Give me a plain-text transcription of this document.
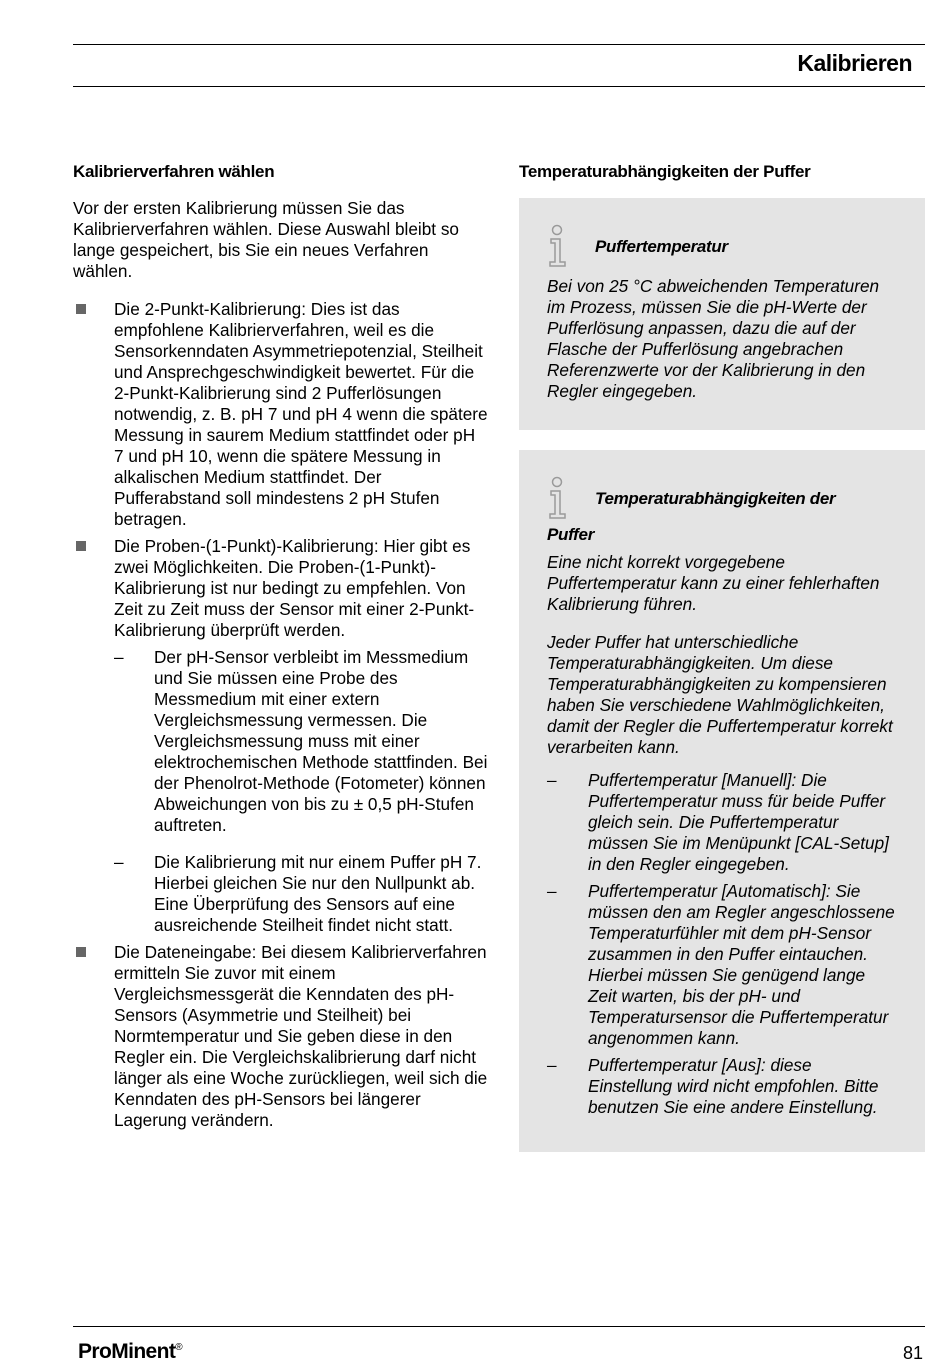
Kalibrieren
Kalibrierverfahren wählen
Vor der ersten Kalibrierung müssen Sie das Kalibrierverfahren wählen. Diese Auswahl bleibt so lange gespeichert, bis Sie ein neues Verfahren wählen.
Die 2-Punkt-Kalibrierung: Dies ist das empfohlene Kalibrierverfahren, weil es die Sensorkenndaten Asymmetriepotenzial, Steilheit und Ansprechgeschwindigkeit bewertet. Für die 2-Punkt-Kalibrierung sind 2 Pufferlösungen notwendig, z. B. pH 7 und pH 4 wenn die spätere Messung in saurem Medium stattfindet oder pH 7 und pH 10, wenn die spätere Messung in alkalischen Medium stattfindet. Der Pufferabstand soll mindestens 2 pH Stufen betragen.
Die Proben-(1-Punkt)-Kalibrierung: Hier gibt es zwei Möglichkeiten. Die Proben-(1-Punkt)-Kalibrierung ist nur bedingt zu empfehlen. Von Zeit zu Zeit muss der Sensor mit einer 2-Punkt-Kalibrierung überprüft werden.
– Der pH-Sensor verbleibt im Messmedium und Sie müssen eine Probe des Messmedium mit einer extern Vergleichsmessung vermessen. Die Vergleichsmessung muss mit einer elektrochemischen Methode stattfinden. Bei der Phenolrot-Methode (Fotometer) können Abweichungen von bis zu ± 0,5 pH-Stufen auftreten.
– Die Kalibrierung mit nur einem Puffer pH 7. Hierbei gleichen Sie nur den Nullpunkt ab. Eine Überprüfung des Sensors auf eine ausreichende Steilheit findet nicht statt.
Die Dateneingabe: Bei diesem Kalibrierverfahren ermitteln Sie zuvor mit einem Vergleichsmessgerät die Kenndaten des pH-Sensors (Asymmetrie und Steilheit) bei Normtemperatur und Sie geben diese in den Regler ein. Die Vergleichskalibrierung darf nicht länger als eine Woche zurückliegen, weil sich die Kenndaten des pH-Sensors bei längerer Lagerung verändern.
Temperaturabhängigkeiten der Puffer
Puffertemperatur
Bei von 25 °C abweichenden Temperaturen im Prozess, müssen Sie die pH-Werte der Pufferlösung anpassen, dazu die auf der Flasche der Pufferlösung angebrachen Referenzwerte vor der Kalibrierung in den Regler eingegeben.
Temperaturabhängigkeiten der
Puffer
Eine nicht korrekt vorgegebene Puffertemperatur kann zu einer fehlerhaften Kalibrierung führen.
Jeder Puffer hat unterschiedliche Temperaturabhängigkeiten. Um diese Temperaturabhängigkeiten zu kompensieren haben Sie verschiedene Wahlmöglichkeiten, damit der Regler die Puffertemperatur korrekt verarbeiten kann.
– Puffertemperatur [Manuell]: Die Puffertemperatur muss für beide Puffer gleich sein. Die Puffertemperatur müssen Sie im Menüpunkt [CAL-Setup] in den Regler eingegeben.
– Puffertemperatur [Automatisch]: Sie müssen den am Regler angeschlossene Temperaturfühler mit dem pH-Sensor zusammen in den Puffer eintauchen. Hierbei müssen Sie genügend lange Zeit warten, bis der pH- und Temperatursensor die Puffertemperatur angenommen kann.
– Puffertemperatur [Aus]: diese Einstellung wird nicht empfohlen. Bitte benutzen Sie eine andere Einstellung.
ProMinent®	81
